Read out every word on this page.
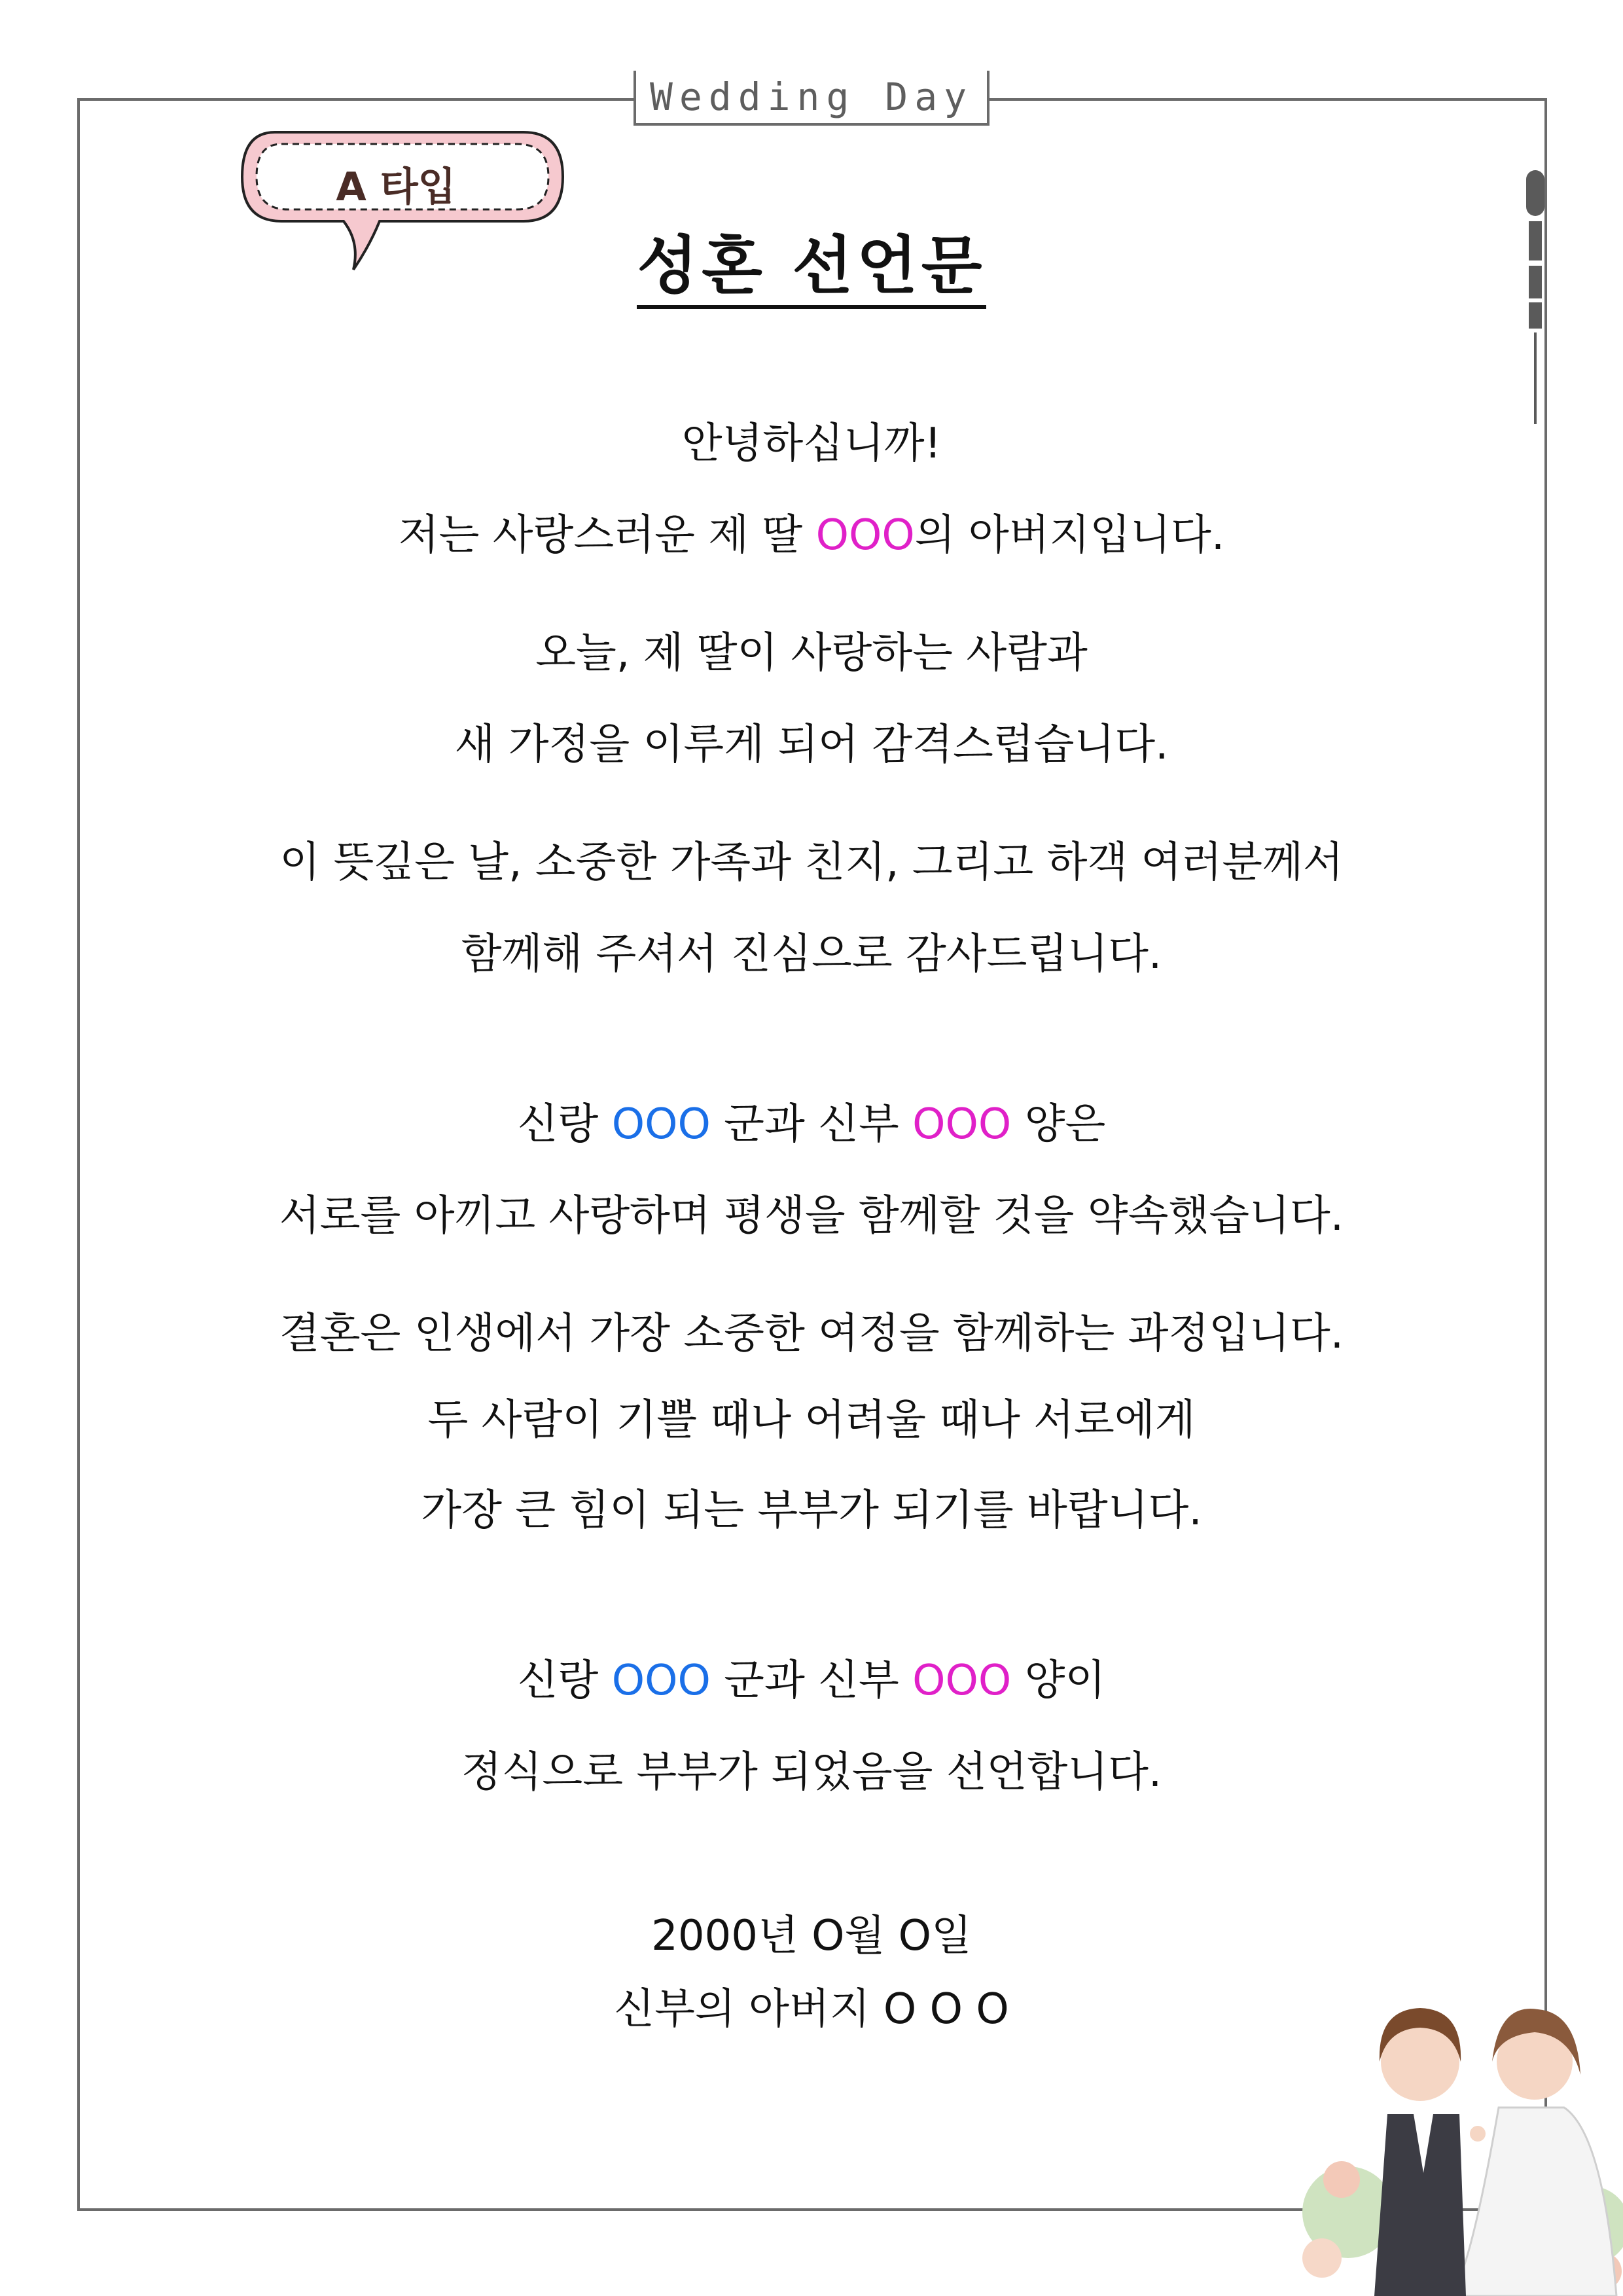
Wedding Day
A 타입
성혼 선언문
안녕하십니까!
저는 사랑스러운 제 딸 OOO의 아버지입니다.
오늘, 제 딸이 사랑하는 사람과
새 가정을 이루게 되어 감격스럽습니다.
이 뜻깊은 날, 소중한 가족과 친지, 그리고 하객 여러분께서
함께해 주셔서 진심으로 감사드립니다.
신랑 OOO 군과 신부 OOO 양은
서로를 아끼고 사랑하며 평생을 함께할 것을 약속했습니다.
결혼은 인생에서 가장 소중한 여정을 함께하는 과정입니다.
두 사람이 기쁠 때나 어려울 때나 서로에게
가장 큰 힘이 되는 부부가 되기를 바랍니다.
신랑 OOO 군과 신부 OOO 양이
정식으로 부부가 되었음을 선언합니다.
2000년 O월 O일
신부의 아버지 O O O
